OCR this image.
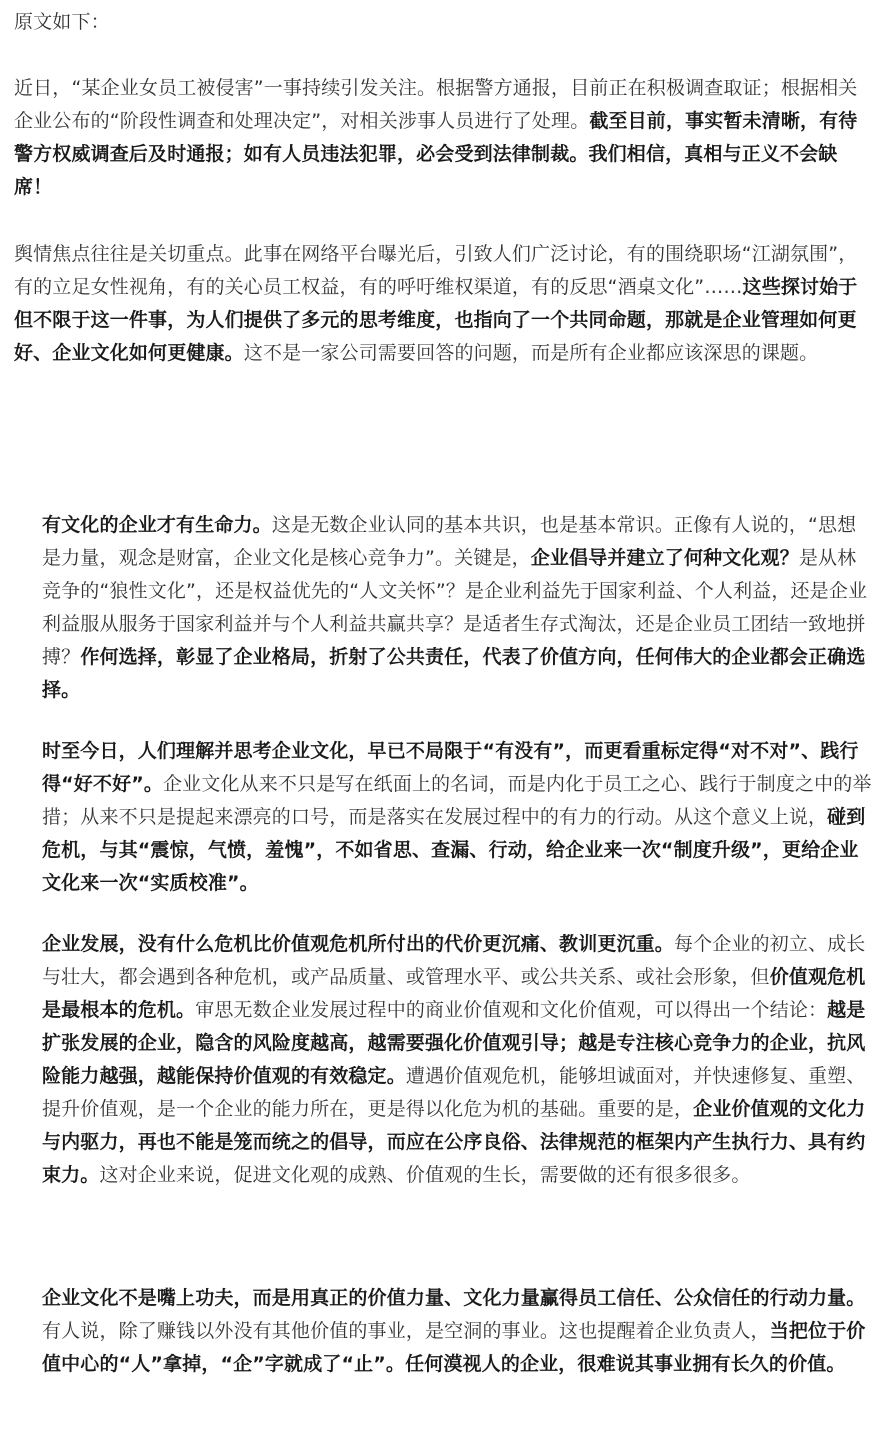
原文如下：

近日，“某企业女员工被侵害”一事持续引发关注。根据警方通报，目前正在积极调查取证；根据相关企业公布的“阶段性调查和处理决定”，对相关涉事人员进行了处理。截至目前，事实暂未清晰，有待警方权威调查后及时通报；如有人员违法犯罪，必会受到法律制裁。我们相信，真相与正义不会缺席！

舆情焦点往往是关切重点。此事在网络平台曝光后，引致人们广泛讨论，有的围绕职场“江湖氛围”，有的立足女性视角，有的关心员工权益，有的呼吁维权渠道，有的反思“酒桌文化”……这些探讨始于但不限于这一件事，为人们提供了多元的思考维度，也指向了一个共同命题，那就是企业管理如何更好、企业文化如何更健康。这不是一家公司需要回答的问题，而是所有企业都应该深思的课题。

有文化的企业才有生命力。这是无数企业认同的基本共识，也是基本常识。正像有人说的，“思想是力量，观念是财富，企业文化是核心竞争力”。关键是，企业倡导并建立了何种文化观？是从林竞争的“狼性文化”，还是权益优先的“人文关怀”？是企业利益先于国家利益、个人利益，还是企业利益服从服务于国家利益并与个人利益共赢共享？是适者生存式淘汰，还是企业员工团结一致地拼搏？作何选择，彰显了企业格局，折射了公共责任，代表了价值方向，任何伟大的企业都会正确选择。

时至今日，人们理解并思考企业文化，早已不局限于“有没有”，而更看重标定得“对不对”、践行得“好不好”。企业文化从来不只是写在纸面上的名词，而是内化于员工之心、践行于制度之中的举措；从来不只是提起来漂亮的口号，而是落实在发展过程中的有力的行动。从这个意义上说，碰到危机，与其“震惊，气愤，羞愧”，不如省思、查漏、行动，给企业来一次“制度升级”，更给企业文化来一次“实质校准”。

企业发展，没有什么危机比价值观危机所付出的代价更沉痛、教训更沉重。每个企业的初立、成长与壮大，都会遇到各种危机，或产品质量、或管理水平、或公共关系、或社会形象，但价值观危机是最根本的危机。审思无数企业发展过程中的商业价值观和文化价值观，可以得出一个结论：越是扩张发展的企业，隐含的风险度越高，越需要强化价值观引导；越是专注核心竞争力的企业，抗风险能力越强，越能保持价值观的有效稳定。遭遇价值观危机，能够坦诚面对，并快速修复、重塑、提升价值观，是一个企业的能力所在，更是得以化危为机的基础。重要的是，企业价值观的文化力与内驱力，再也不能是笼而统之的倡导，而应在公序良俗、法律规范的框架内产生执行力、具有约束力。这对企业来说，促进文化观的成熟、价值观的生长，需要做的还有很多很多。

企业文化不是嘴上功夫，而是用真正的价值力量、文化力量赢得员工信任、公众信任的行动力量。有人说，除了赚钱以外没有其他价值的事业，是空洞的事业。这也提醒着企业负责人，当把位于价值中心的“人”拿掉，“企”字就成了“止”。任何漠视人的企业，很难说其事业拥有长久的价值。
